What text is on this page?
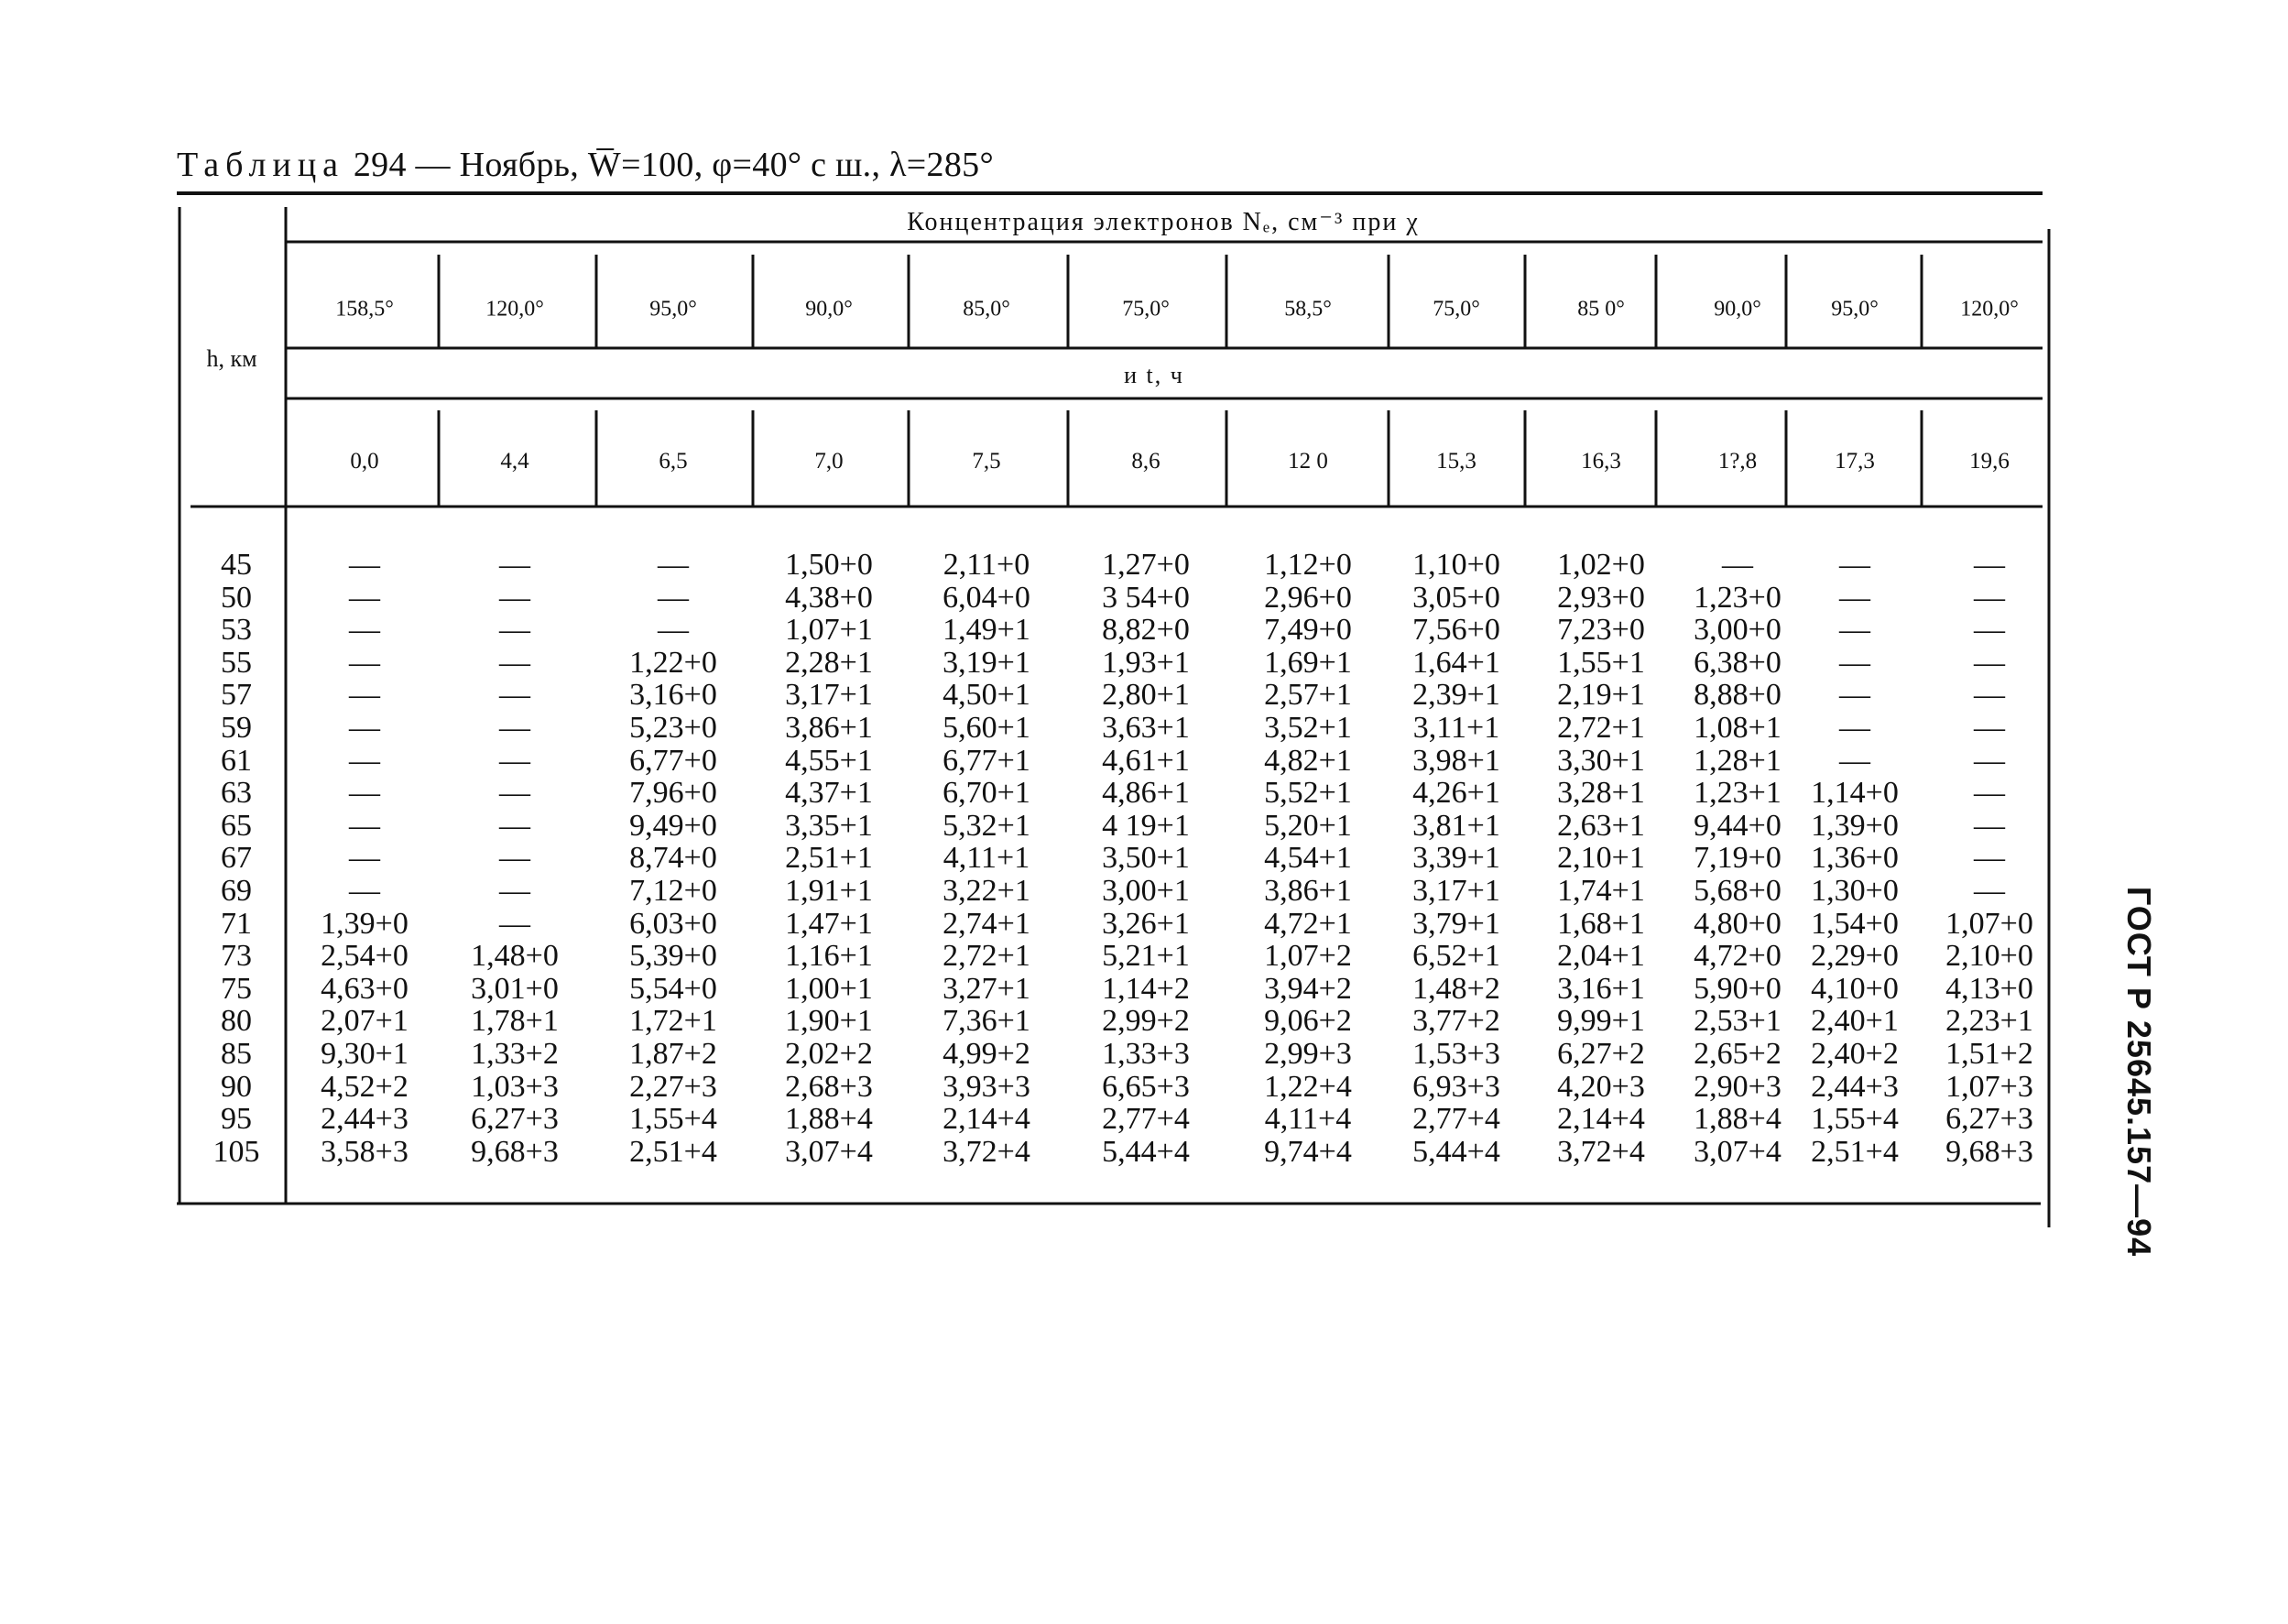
Таблица 294 — Ноябрь, W̅=100, φ=40° с ш., λ=285°
Концентрация электронов Nₑ, см⁻³ при χ
h, км
и t, ч
158,5°	120,0°	95,0°	90,0°	85,0°	75,0°	58,5°	75,0°	85 0°	90,0°	95,0°	120,0°
0,0	4,4	6,5	7,0	7,5	8,6	12 0	15,3	16,3	1?,8	17,3	19,6
45	—	—	—	1,50+0 2,11+0 1,27+0 1,12+0 1,10+0 1,02+0 —	—	—
50	—	—	—	4,38+0 6,04+0 3 54+0 2,96+0 3,05+0 2,93+0 1,23+0 —	—
53	—	—	—	1,07+1 1,49+1 8,82+0 7,49+0 7,56+0 7,23+0 3,00+0 —	—
55	—	—	1,22+0 2,28+1 3,19+1 1,93+1 1,69+1 1,64+1 1,55+1 6,38+0 —	—
57	—	—	3,16+0 3,17+1 4,50+1 2,80+1 2,57+1 2,39+1 2,19+1 8,88+0 —	—
59	—	—	5,23+0 3,86+1 5,60+1 3,63+1 3,52+1 3,11+1 2,72+1 1,08+1 —	—
61	—	—	6,77+0 4,55+1 6,77+1 4,61+1 4,82+1 3,98+1 3,30+1 1,28+1 —	—
63	—	—	7,96+0 4,37+1 6,70+1 4,86+1 5,52+1 4,26+1 3,28+1 1,23+1 1,14+0 —
65	—	—	9,49+0 3,35+1 5,32+1 4 19+1 5,20+1 3,81+1 2,63+1 9,44+0 1,39+0 —
67	—	—	8,74+0 2,51+1 4,11+1 3,50+1 4,54+1 3,39+1 2,10+1 7,19+0 1,36+0 —
69	—	—	7,12+0 1,91+1 3,22+1 3,00+1 3,86+1 3,17+1 1,74+1 5,68+0 1,30+0 —
71 1,39+0	—	6,03+0 1,47+1 2,74+1 3,26+1 4,72+1 3,79+1 1,68+1 4,80+0 1,54+0 1,07+0
73 2,54+0 1,48+0 5,39+0 1,16+1 2,72+1 5,21+1 1,07+2 6,52+1 2,04+1 4,72+0 2,29+0 2,10+0
75 4,63+0 3,01+0 5,54+0 1,00+1 3,27+1 1,14+2 3,94+2 1,48+2 3,16+1 5,90+0 4,10+0 4,13+0
80 2,07+1 1,78+1 1,72+1 1,90+1 7,36+1 2,99+2 9,06+2 3,77+2 9,99+1 2,53+1 2,40+1 2,23+1
85 9,30+1 1,33+2 1,87+2 2,02+2 4,99+2 1,33+3 2,99+3 1,53+3 6,27+2 2,65+2 2,40+2 1,51+2
90 4,52+2 1,03+3 2,27+3 2,68+3 3,93+3 6,65+3 1,22+4 6,93+3 4,20+3 2,90+3 2,44+3 1,07+3
95 2,44+3 6,27+3 1,55+4 1,88+4 2,14+4 2,77+4 4,11+4 2,77+4 2,14+4 1,88+4 1,55+4 6,27+3
105 3,58+3 9,68+3 2,51+4 3,07+4 3,72+4 5,44+4 9,74+4 5,44+4 3,72+4 3,07+4 2,51+4 9,68+3	ГОСТ Р 25645.157—94
